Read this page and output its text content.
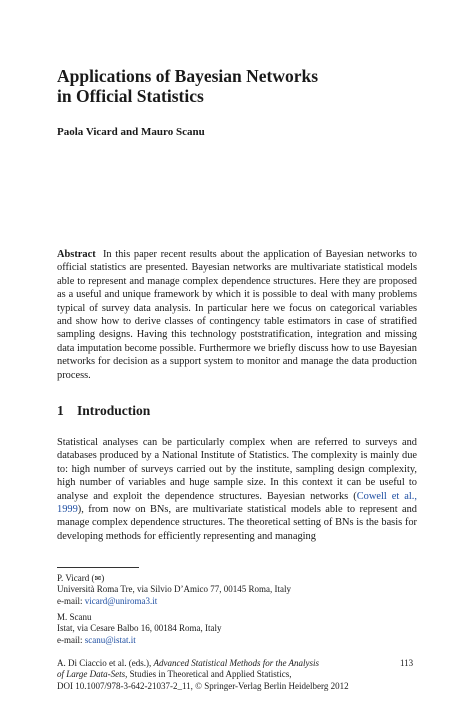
Applications of Bayesian Networks
in Official Statistics
Paola Vicard and Mauro Scanu

Abstract In this paper recent results about the application of Bayesian networks to official statistics are presented. Bayesian networks are multivariate statistical models able to represent and manage complex dependence structures. Here they are proposed as a useful and unique framework by which it is possible to deal with many problems typical of survey data analysis. In particular here we focus on categorical variables and show how to derive classes of contingency table estimators in case of stratified sampling designs. Having this technology poststratification, integration and missing data imputation become possible. Furthermore we briefly discuss how to use Bayesian networks for decision as a support system to monitor and manage the data production process.

1 Introduction

Statistical analyses can be particularly complex when are referred to surveys and databases produced by a National Institute of Statistics. The complexity is mainly due to: high number of surveys carried out by the institute, sampling design complexity, high number of variables and huge sample size. In this context it can be useful to analyse and exploit the dependence structures. Bayesian networks (Cowell et al., 1999), from now on BNs, are multivariate statistical models able to represent and manage complex dependence structures. The theoretical setting of BNs is the basis for developing methods for efficiently representing and managing

P. Vicard (✉)
Università Roma Tre, via Silvio D’Amico 77, 00145 Roma, Italy
e-mail: vicard@uniroma3.it
M. Scanu
Istat, via Cesare Balbo 16, 00184 Roma, Italy
e-mail: scanu@istat.it
A. Di Ciaccio et al. (eds.), Advanced Statistical Methods for the Analysis
of Large Data-Sets, Studies in Theoretical and Applied Statistics,
DOI 10.1007/978-3-642-21037-2_11, © Springer-Verlag Berlin Heidelberg 2012
113
